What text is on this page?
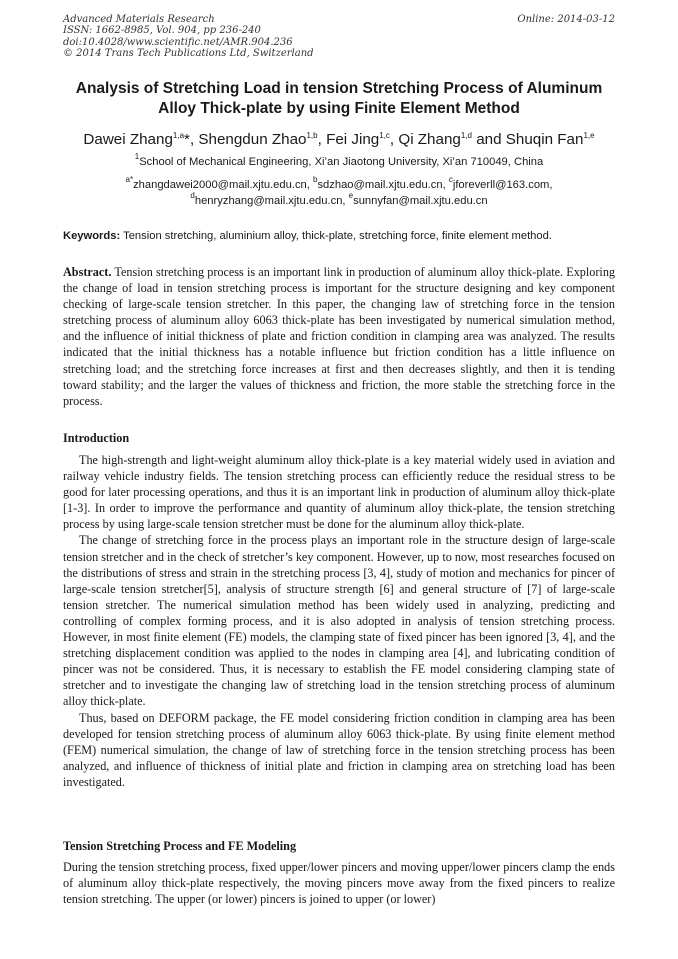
Advanced Materials Research
ISSN: 1662-8985, Vol. 904, pp 236-240
doi:10.4028/www.scientific.net/AMR.904.236
© 2014 Trans Tech Publications Ltd, Switzerland
Online: 2014-03-12
Analysis of Stretching Load in tension Stretching Process of Aluminum Alloy Thick-plate by using Finite Element Method
Dawei Zhang$^{1,a}$*, Shengdun Zhao$^{1,b}$, Fei Jing$^{1,c}$, Qi Zhang$^{1,d}$ and Shuqin Fan$^{1,e}$
$^1$School of Mechanical Engineering, Xi’an Jiaotong University, Xi’an 710049, China
$^{a*}$zhangdawei2000@mail.xjtu.edu.cn, $^b$sdzhao@mail.xjtu.edu.cn, $^c$jforeverll@163.com,
$^d$henryzhang@mail.xjtu.edu.cn, $^e$sunnyfan@mail.xjtu.edu.cn
Keywords: Tension stretching, aluminium alloy, thick-plate, stretching force, finite element method.

Abstract. Tension stretching process is an important link in production of aluminum alloy thick-plate. Exploring the change of load in tension stretching process is important for the structure designing and key component checking of large-scale tension stretcher. In this paper, the changing law of stretching force in the tension stretching process of aluminum alloy 6063 thick-plate has been investigated by numerical simulation method, and the influence of initial thickness of plate and friction condition in clamping area was analyzed. The results indicated that the initial thickness has a notable influence but friction condition has a little influence on stretching load; and the stretching force increases at first and then decreases slightly, and then it is tending toward stability; and the larger the values of thickness and friction, the more stable the stretching force in the process.

Introduction

The high-strength and light-weight aluminum alloy thick-plate is a key material widely used in aviation and railway vehicle industry fields. The tension stretching process can efficiently reduce the residual stress to be good for later processing operations, and thus it is an important link in production of aluminum alloy thick-plate [1-3]. In order to improve the performance and quantity of aluminum alloy thick-plate, the tension stretching process by using large-scale tension stretcher must be done for the aluminum alloy thick-plate.

The change of stretching force in the process plays an important role in the structure design of large-scale tension stretcher and in the check of stretcher’s key component. However, up to now, most researches focused on the distributions of stress and strain in the stretching process [3, 4], study of motion and mechanics for pincer of large-scale tension stretcher[5], analysis of structure strength [6] and general structure of [7] of large-scale tension stretcher. The numerical simulation method has been widely used in analyzing, predicting and controlling of complex forming process, and it is also adopted in analysis of tension stretching process. However, in most finite element (FE) models, the clamping state of fixed pincer has been ignored [3, 4], and the stretching displacement condition was applied to the nodes in clamping area [4], and lubricating condition of pincer was not be considered. Thus, it is necessary to establish the FE model considering clamping state of stretcher and to investigate the changing law of stretching load in the tension stretching process of aluminum alloy thick-plate.

Thus, based on DEFORM package, the FE model considering friction condition in clamping area has been developed for tension stretching process of aluminum alloy 6063 thick-plate. By using finite element method (FEM) numerical simulation, the change of law of stretching force in the tension stretching process has been analyzed, and influence of thickness of initial plate and friction in clamping area on stretching load has been investigated.

Tension Stretching Process and FE Modeling

During the tension stretching process, fixed upper/lower pincers and moving upper/lower pincers clamp the ends of aluminum alloy thick-plate respectively, the moving pincers move away from the fixed pincers to realize tension stretching. The upper (or lower) pincers is joined to upper (or lower)
